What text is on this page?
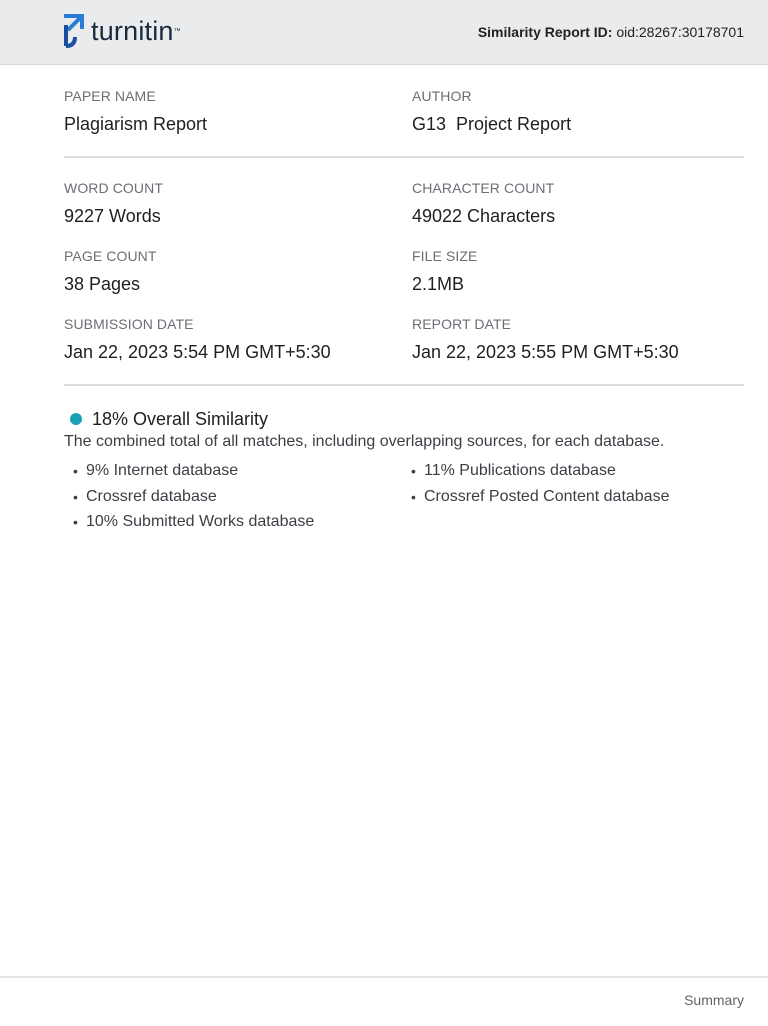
turnitin ™	Similarity Report ID: oid:28267:30178701
PAPER NAME
Plagiarism Report
AUTHOR
G13  Project Report
WORD COUNT
9227 Words
CHARACTER COUNT
49022 Characters
PAGE COUNT
38 Pages
FILE SIZE
2.1MB
SUBMISSION DATE
Jan 22, 2023 5:54 PM GMT+5:30
REPORT DATE
Jan 22, 2023 5:55 PM GMT+5:30
18% Overall Similarity
The combined total of all matches, including overlapping sources, for each database.
• 9% Internet database
• Crossref database
• 10% Submitted Works database
• 11% Publications database
• Crossref Posted Content database
Summary
